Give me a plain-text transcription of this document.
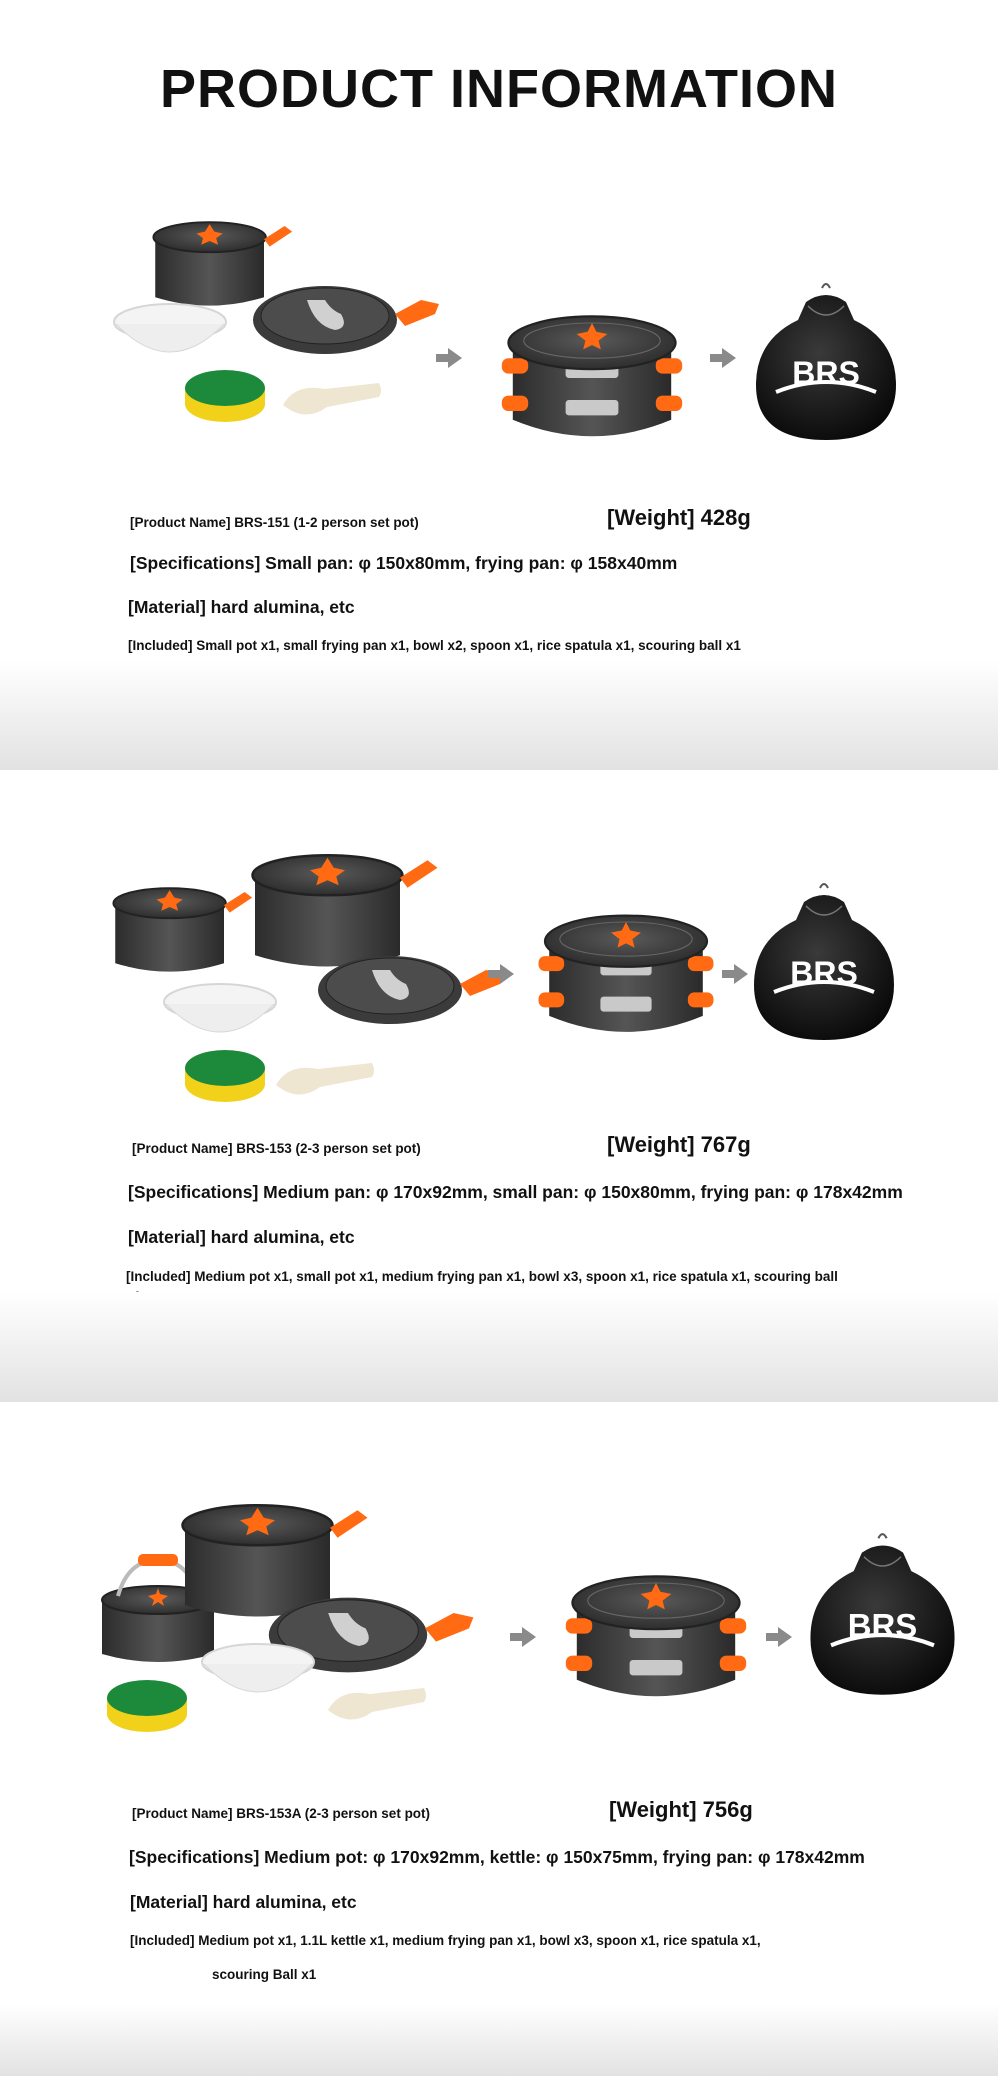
PRODUCT INFORMATION
[Product Name] BRS-151 (1-2 person set pot)	[Weight] 428g
[Specifications] Small pan: φ 150x80mm, frying pan: φ 158x40mm
[Material] hard alumina, etc
[Included] Small pot x1, small frying pan x1, bowl x2, spoon x1, rice spatula x1, scouring ball x1
[Product Name] BRS-153 (2-3 person set pot)	[Weight] 767g
[Specifications] Medium pan: φ 170x92mm, small pan: φ 150x80mm, frying pan: φ 178x42mm
[Material] hard alumina, etc
[Included] Medium pot x1, small pot x1, medium frying pan x1, bowl x3, spoon x1, rice spatula x1, scouring ball
[Product Name] BRS-153A (2-3 person set pot)	[Weight] 756g
[Specifications] Medium pot: φ 170x92mm, kettle: φ 150x75mm, frying pan: φ 178x42mm
[Material] hard alumina, etc
[Included] Medium pot x1, 1.1L kettle x1, medium frying pan x1, bowl x3, spoon x1, rice spatula x1,
scouring Ball x1
